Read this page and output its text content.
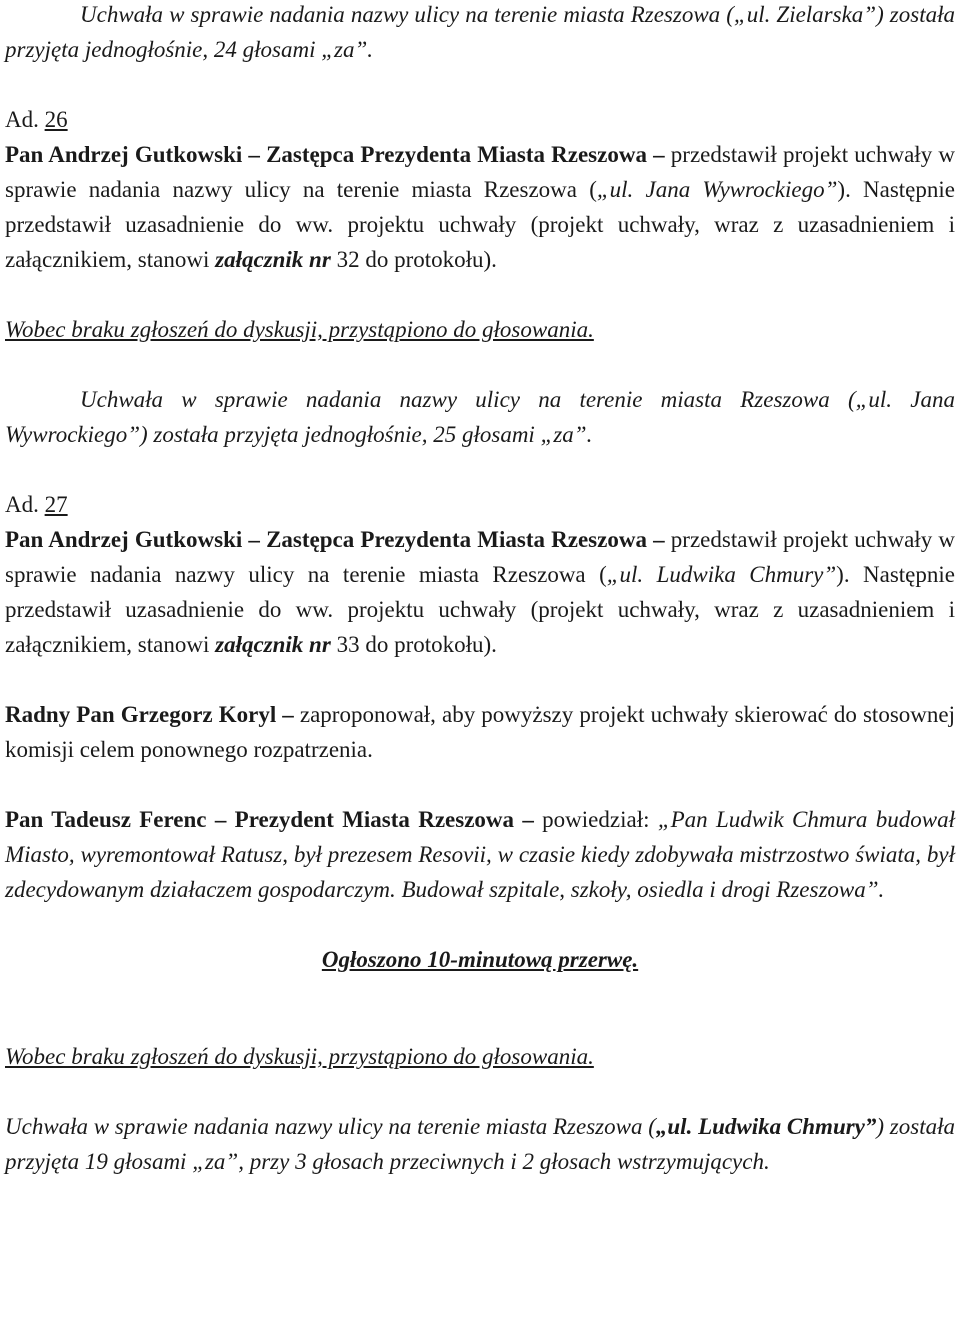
Uchwała w sprawie nadania nazwy ulicy na terenie miasta Rzeszowa („ul. Zielarska”) została przyjęta jednogłośnie, 24 głosami „za”.

Ad. 26

Pan Andrzej Gutkowski – Zastępca Prezydenta Miasta Rzeszowa – przedstawił projekt uchwały w sprawie nadania nazwy ulicy na terenie miasta Rzeszowa („ul. Jana Wywrockiego”). Następnie przedstawił uzasadnienie do ww. projektu uchwały (projekt uchwały, wraz z uzasadnieniem i załącznikiem, stanowi załącznik nr 32 do protokołu).

Wobec braku zgłoszeń do dyskusji, przystąpiono do głosowania.

Uchwała w sprawie nadania nazwy ulicy na terenie miasta Rzeszowa („ul. Jana Wywrockiego”) została przyjęta jednogłośnie, 25 głosami „za”.

Ad. 27

Pan Andrzej Gutkowski – Zastępca Prezydenta Miasta Rzeszowa – przedstawił projekt uchwały w sprawie nadania nazwy ulicy na terenie miasta Rzeszowa („ul. Ludwika Chmury”). Następnie przedstawił uzasadnienie do ww. projektu uchwały (projekt uchwały, wraz z uzasadnieniem i załącznikiem, stanowi załącznik nr 33 do protokołu).

Radny Pan Grzegorz Koryl – zaproponował, aby powyższy projekt uchwały skierować do stosownej komisji celem ponownego rozpatrzenia.

Pan Tadeusz Ferenc – Prezydent Miasta Rzeszowa – powiedział: „Pan Ludwik Chmura budował Miasto, wyremontował Ratusz, był prezesem Resovii, w czasie kiedy zdobywała mistrzostwo świata, był zdecydowanym działaczem gospodarczym. Budował szpitale, szkoły, osiedla i drogi Rzeszowa”.

Ogłoszono 10-minutową przerwę.

Wobec braku zgłoszeń do dyskusji, przystąpiono do głosowania.

Uchwała w sprawie nadania nazwy ulicy na terenie miasta Rzeszowa („ul. Ludwika Chmury”) została przyjęta 19 głosami „za”, przy 3 głosach przeciwnych i 2 głosach wstrzymujących.
